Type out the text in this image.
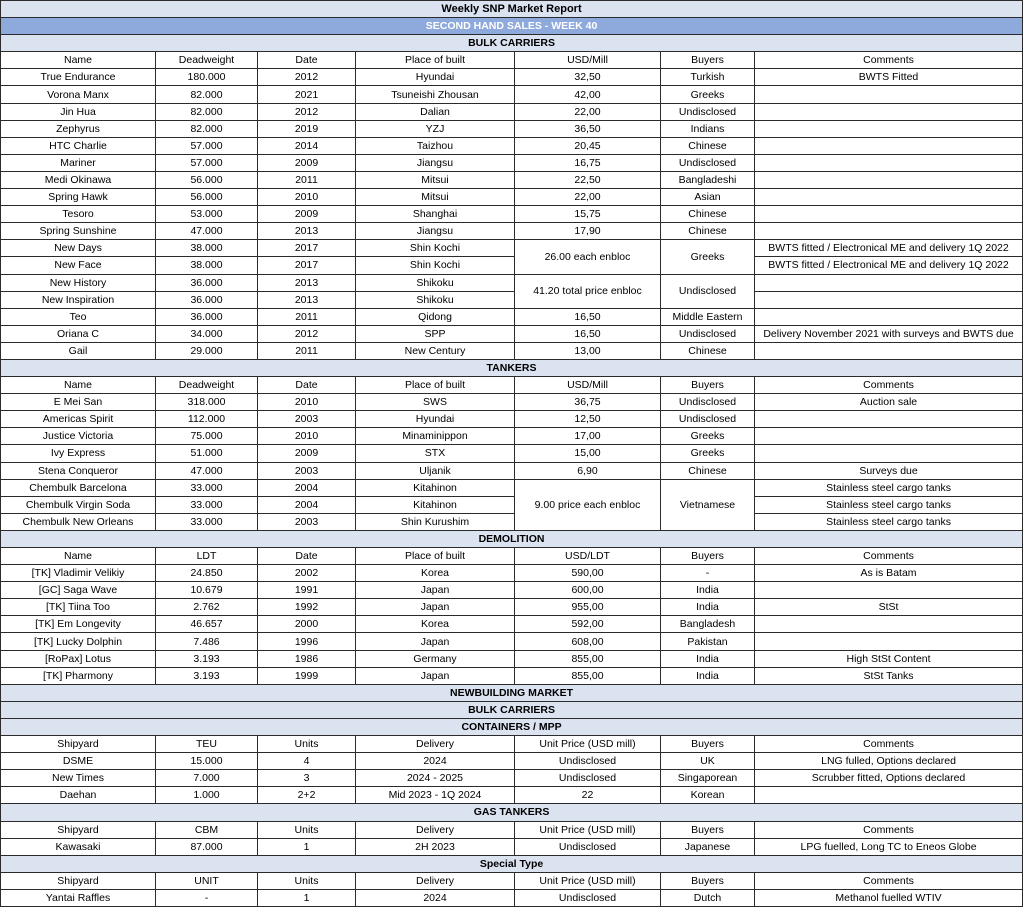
Weekly SNP Market Report						
SECOND HAND SALES - WEEK 40						
BULK CARRIERS						
Name	Deadweight	Date	Place of built	USD/Mill	Buyers	Comments
True Endurance	180.000	2012	Hyundai	32,50	Turkish	BWTS Fitted
Vorona Manx	82.000	2021	Tsuneishi Zhousan	42,00	Greeks	
Jin Hua	82.000	2012	Dalian	22,00	Undisclosed	
Zephyrus	82.000	2019	YZJ	36,50	Indians	
HTC Charlie	57.000	2014	Taizhou	20,45	Chinese	
Mariner	57.000	2009	Jiangsu	16,75	Undisclosed	
Medi Okinawa	56.000	2011	Mitsui	22,50	Bangladeshi	
Spring Hawk	56.000	2010	Mitsui	22,00	Asian	
Tesoro	53.000	2009	Shanghai	15,75	Chinese	
Spring Sunshine	47.000	2013	Jiangsu	17,90	Chinese	
New Days	38.000	2017	Shin Kochi	26.00 each enbloc	Greeks	BWTS fitted / Electronical ME and delivery 1Q 2022
New Face	38.000	2017	Shin Kochi			BWTS fitted / Electronical ME and delivery 1Q 2022
New History	36.000	2013	Shikoku	41.20 total price enbloc	Undisclosed	
New Inspiration	36.000	2013	Shikoku			
Teo	36.000	2011	Qidong	16,50	Middle Eastern	
Oriana C	34.000	2012	SPP	16,50	Undisclosed	Delivery November 2021 with surveys and BWTS due
Gail	29.000	2011	New Century	13,00	Chinese	
TANKERS						
Name	Deadweight	Date	Place of built	USD/Mill	Buyers	Comments
E Mei San	318.000	2010	SWS	36,75	Undisclosed	Auction sale
Americas Spirit	112.000	2003	Hyundai	12,50	Undisclosed	
Justice Victoria	75.000	2010	Minaminippon	17,00	Greeks	
Ivy Express	51.000	2009	STX	15,00	Greeks	
Stena Conqueror	47.000	2003	Uljanik	6,90	Chinese	Surveys due
Chembulk Barcelona	33.000	2004	Kitahinon	9.00 price each enbloc	Vietnamese	Stainless steel cargo tanks
Chembulk Virgin Soda	33.000	2004	Kitahinon			Stainless steel cargo tanks
Chembulk New Orleans	33.000	2003	Shin Kurushim			Stainless steel cargo tanks
DEMOLITION						
Name	LDT	Date	Place of built	USD/LDT	Buyers	Comments
[TK] Vladimir Velikiy	24.850	2002	Korea	590,00	-	As is Batam
[GC] Saga Wave	10.679	1991	Japan	600,00	India	
[TK] Tiina Too	2.762	1992	Japan	955,00	India	StSt
[TK] Em Longevity	46.657	2000	Korea	592,00	Bangladesh	
[TK] Lucky Dolphin	7.486	1996	Japan	608,00	Pakistan	
[RoPax] Lotus	3.193	1986	Germany	855,00	India	High StSt Content
[TK] Pharmony	3.193	1999	Japan	855,00	India	StSt Tanks
NEWBUILDING MARKET						
BULK CARRIERS						
CONTAINERS / MPP						
Shipyard	TEU	Units	Delivery	Unit Price (USD mill)	Buyers	Comments
DSME	15.000	4	2024	Undisclosed	UK	LNG fulled, Options declared
New Times	7.000	3	2024 - 2025	Undisclosed	Singaporean	Scrubber fitted, Options declared
Daehan	1.000	2+2	Mid 2023 - 1Q 2024	22	Korean	
GAS TANKERS						
Shipyard	CBM	Units	Delivery	Unit Price (USD mill)	Buyers	Comments
Kawasaki	87.000	1	2H 2023	Undisclosed	Japanese	LPG fuelled, Long TC to Eneos Globe
Special Type						
Shipyard	UNIT	Units	Delivery	Unit Price (USD mill)	Buyers	Comments
Yantai Raffles	-	1	2024	Undisclosed	Dutch	Methanol fuelled WTIV
